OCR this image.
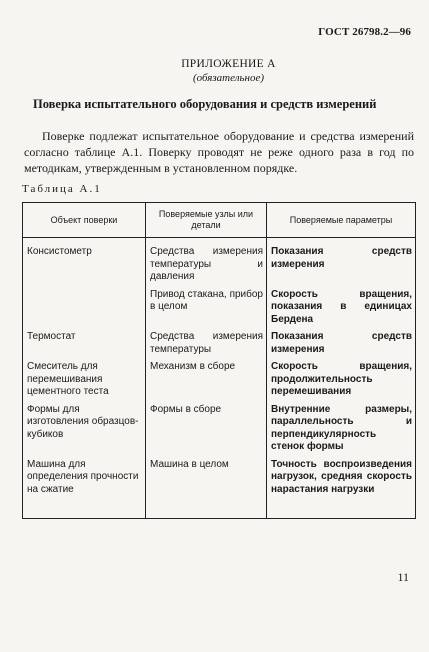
ГОСТ 26798.2—96
ПРИЛОЖЕНИЕ А
(обязательное)
Поверка испытательного оборудования и средств измерений
Поверке подлежат испытательное оборудование и средства измерений согласно таблице А.1. Поверку проводят не реже одного раза в год по методикам, утвержденным в установленном порядке.
Таблица А.1
Объект поверки	Поверяемые узлы или детали	Поверяемые параметры
Консистометр	Средства измерения температуры и давления	Показания средств измерения
	Привод стакана, прибор в целом	Скорость вращения, показания в единицах Бердена
Термостат	Средства измерения температуры	Показания средств измерения
Смеситель для перемешивания цементного теста	Механизм в сборе	Скорость вращения, продолжительность перемешивания
Формы для изготовления образцов-кубиков	Формы в сборе	Внутренние размеры, параллельность и перпендикулярность стенок формы
Машина для определения прочности на сжатие	Машина в целом	Точность воспроизведения нагрузок, средняя скорость нарастания нагрузки
11
